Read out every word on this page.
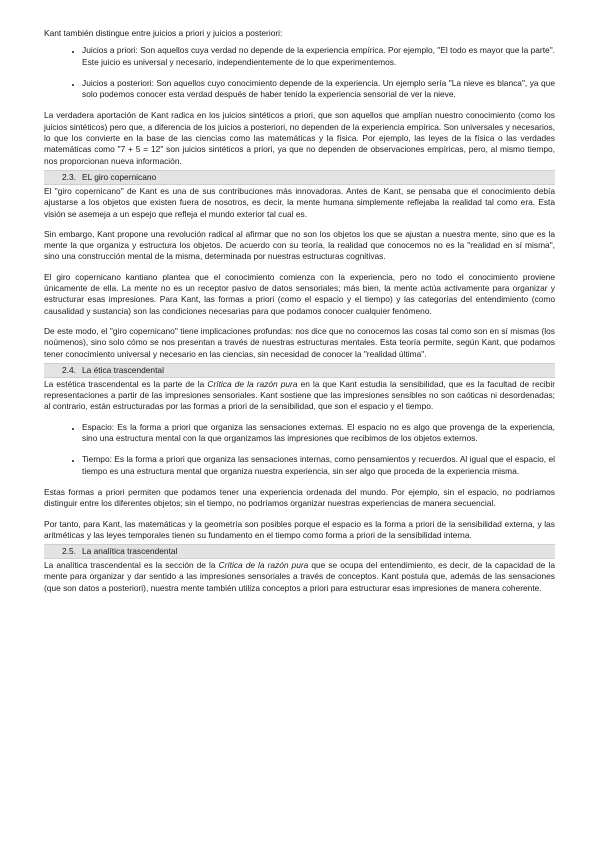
Kant también distingue entre juicios a priori y juicios a posteriori:

• Juicios a priori: Son aquellos cuya verdad no depende de la experiencia empírica. Por ejemplo, "El todo es mayor que la parte". Este juicio es universal y necesario, independientemente de lo que experimentemos.
• Juicios a posteriori: Son aquellos cuyo conocimiento depende de la experiencia. Un ejemplo sería "La nieve es blanca", ya que solo podemos conocer esta verdad después de haber tenido la experiencia sensorial de ver la nieve.

La verdadera aportación de Kant radica en los juicios sintéticos a priori, que son aquellos que amplían nuestro conocimiento (como los juicios sintéticos) pero que, a diferencia de los juicios a posteriori, no dependen de la experiencia empírica. Son universales y necesarios, lo que los convierte en la base de las ciencias como las matemáticas y la física. Por ejemplo, las leyes de la física o las verdades matemáticas como "7 + 5 = 12" son juicios sintéticos a priori, ya que no dependen de observaciones empíricas, pero, al mismo tiempo, nos proporcionan nueva información.

2.3. EL giro copernicano

El "giro copernicano" de Kant es una de sus contribuciones más innovadoras. Antes de Kant, se pensaba que el conocimiento debía ajustarse a los objetos que existen fuera de nosotros, es decir, la mente humana simplemente reflejaba la realidad tal como era. Esta visión se asemeja a un espejo que refleja el mundo exterior tal cual es.

Sin embargo, Kant propone una revolución radical al afirmar que no son los objetos los que se ajustan a nuestra mente, sino que es la mente la que organiza y estructura los objetos. De acuerdo con su teoría, la realidad que conocemos no es la "realidad en sí misma", sino una construcción mental de la misma, determinada por nuestras estructuras cognitivas.

El giro copernicano kantiano plantea que el conocimiento comienza con la experiencia, pero no todo el conocimiento proviene únicamente de ella. La mente no es un receptor pasivo de datos sensoriales; más bien, la mente actúa activamente para organizar y estructurar esas impresiones. Para Kant, las formas a priori (como el espacio y el tiempo) y las categorías del entendimiento (como causalidad y sustancia) son las condiciones necesarias para que podamos conocer cualquier fenómeno.

De este modo, el "giro copernicano" tiene implicaciones profundas: nos dice que no conocemos las cosas tal como son en sí mismas (los noúmenos), sino solo cómo se nos presentan a través de nuestras estructuras mentales. Esta teoría permite, según Kant, que podamos tener conocimiento universal y necesario en las ciencias, sin necesidad de conocer la "realidad última".

2.4. La ética trascendental

La estética trascendental es la parte de la Crítica de la razón pura en la que Kant estudia la sensibilidad, que es la facultad de recibir representaciones a partir de las impresiones sensoriales. Kant sostiene que las impresiones sensibles no son caóticas ni desordenadas; al contrario, están estructuradas por las formas a priori de la sensibilidad, que son el espacio y el tiempo.

• Espacio: Es la forma a priori que organiza las sensaciones externas. El espacio no es algo que provenga de la experiencia, sino una estructura mental con la que organizamos las impresiones que recibimos de los objetos externos.
• Tiempo: Es la forma a priori que organiza las sensaciones internas, como pensamientos y recuerdos. Al igual que el espacio, el tiempo es una estructura mental que organiza nuestra experiencia, sin ser algo que proceda de la experiencia misma.

Estas formas a priori permiten que podamos tener una experiencia ordenada del mundo. Por ejemplo, sin el espacio, no podríamos distinguir entre los diferentes objetos; sin el tiempo, no podríamos organizar nuestras experiencias de manera secuencial.

Por tanto, para Kant, las matemáticas y la geometría son posibles porque el espacio es la forma a priori de la sensibilidad externa, y las aritméticas y las leyes temporales tienen su fundamento en el tiempo como forma a priori de la sensibilidad interna.

2.5. La analítica trascendental

La analítica trascendental es la sección de la Crítica de la razón pura que se ocupa del entendimiento, es decir, de la capacidad de la mente para organizar y dar sentido a las impresiones sensoriales a través de conceptos. Kant postula que, además de las sensaciones (que son datos a posteriori), nuestra mente también utiliza conceptos a priori para estructurar esas impresiones de manera coherente.
